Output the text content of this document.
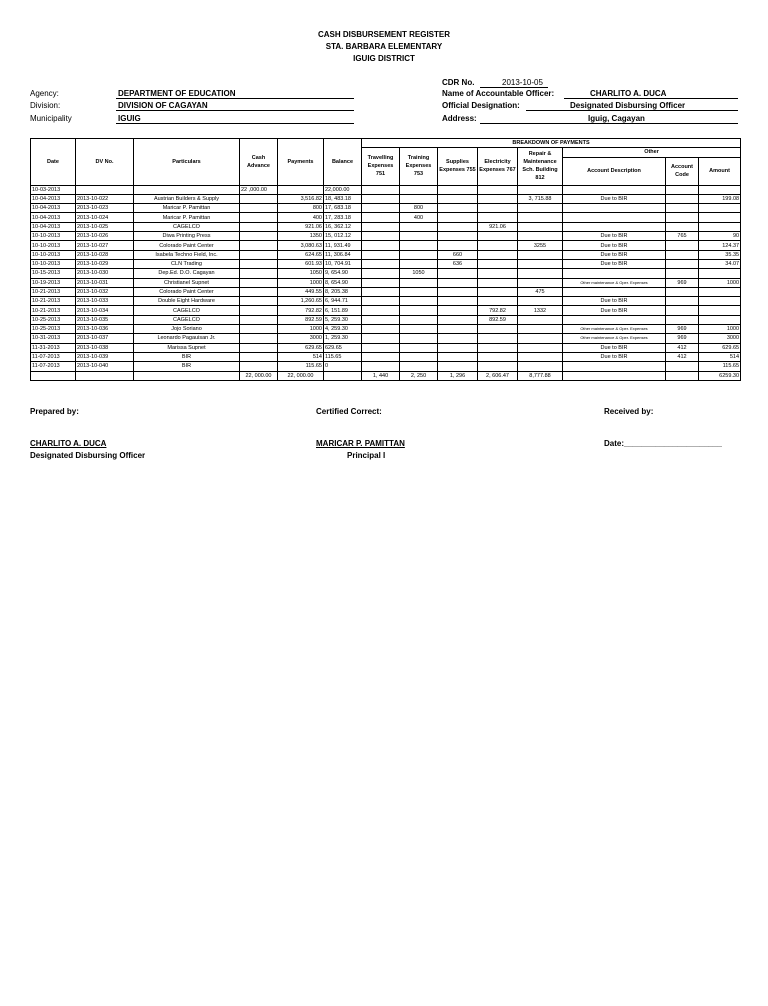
CASH DISBURSEMENT REGISTER
STA. BARBARA ELEMENTARY
IGUIG DISTRICT
Agency:	DEPARTMENT OF EDUCATION
Division:	DIVISION OF CAGAYAN
Municipality	IGUIG
CDR No.	2013-10-05
Name of Accountable Officer:	CHARLITO A. DUCA
Official Designation:	Designated Disbursing Officer
Address:	Iguig, Cagayan
Date	DV No.	Particulars	Cash Advance	Payments	Balance	BREAKDOWN OF PAYMENTS							
						Travelling Expenses 751	Training Expenses 753	Supplies Expenses 755	Electricity Expenses 767	Repair & Maintenance Sch. Building 812	Other		
											Account Description	Account Code	Amount
10-03-2013			22 ,000.00		22,000.00								
10-04-2013	2013-10-022	Austrian Builders & Supply		3,516.82	18, 483.18					3, 715.88	Due to BIR		199.08
10-04-2013	2013-10-023	Maricar P. Pamittan		800	17, 683.18		800						
10-04-2013	2013-10-024	Maricar P. Pamittan		400	17, 283.18		400						
10-04-2013	2013-10-025	CAGELCO		921.06	16, 362.12				921.06				
10-10-2013	2013-10-026	Diwa Printing Press		1350	15, 012.12						Due to BIR	765	90
10-10-2013	2013-10-027	Colorado Paint Center		3,080.63	11, 931.49					3255	Due to BIR		124.37
10-10-2013	2013-10-028	Isabela Techno Field, Inc.		624.65	11, 306.84			660			Due to BIR		35.35
10-10-2013	2013-10-029	CLN Trading		601.93	10, 704.91			636			Due to BIR		34.07
10-15-2013	2013-10-030	Dep.Ed. D.O. Cagayan		1050	9, 654.90		1050						
10-19-2013	2013-10-031	Christianel Supnet		1000	8, 654.90						Other maintenance & Oper. Expenses	969	1000
10-21-2013	2013-10-032	Colorado Paint Center		449.55	8, 205.38					475			
10-21-2013	2013-10-033	Double Eight Hardware		1,260.65	6, 944.71						Due to BIR		
10-21-2013	2013-10-034	CAGELCO		792.82	6, 151.89				792.82	1332	Due to BIR		
10-25-2013	2013-10-035	CAGELCO		892.59	5, 259.30				892.59				
10-25-2013	2013-10-036	Jojo Soriano		1000	4, 259.30						Other maintenance & Oper. Expenses	969	1000
10-31-2013	2013-10-037	Leonardo Pagauisan Jr.		3000	1, 259.30						Other maintenance & Oper. Expenses	969	3000
11-31-2013	2013-10-038	Marissa Supnet		629.65	629.65						Due to BIR	412	629.65
11-07-2013	2013-10-039	BIR		514	115.65						Due to BIR	412	514
11-07-2013	2013-10-040	BIR		115.65	0								115.65
			22, 000.00	22, 000.00		1, 440	2, 250	1, 296	2, 606.47	8,777.88			6259.30
Prepared by:	Certified Correct:	Received by:
CHARLITO A. DUCA
Designated Disbursing Officer
MARICAR P. PAMITTAN
Principal I
Date:______________________
